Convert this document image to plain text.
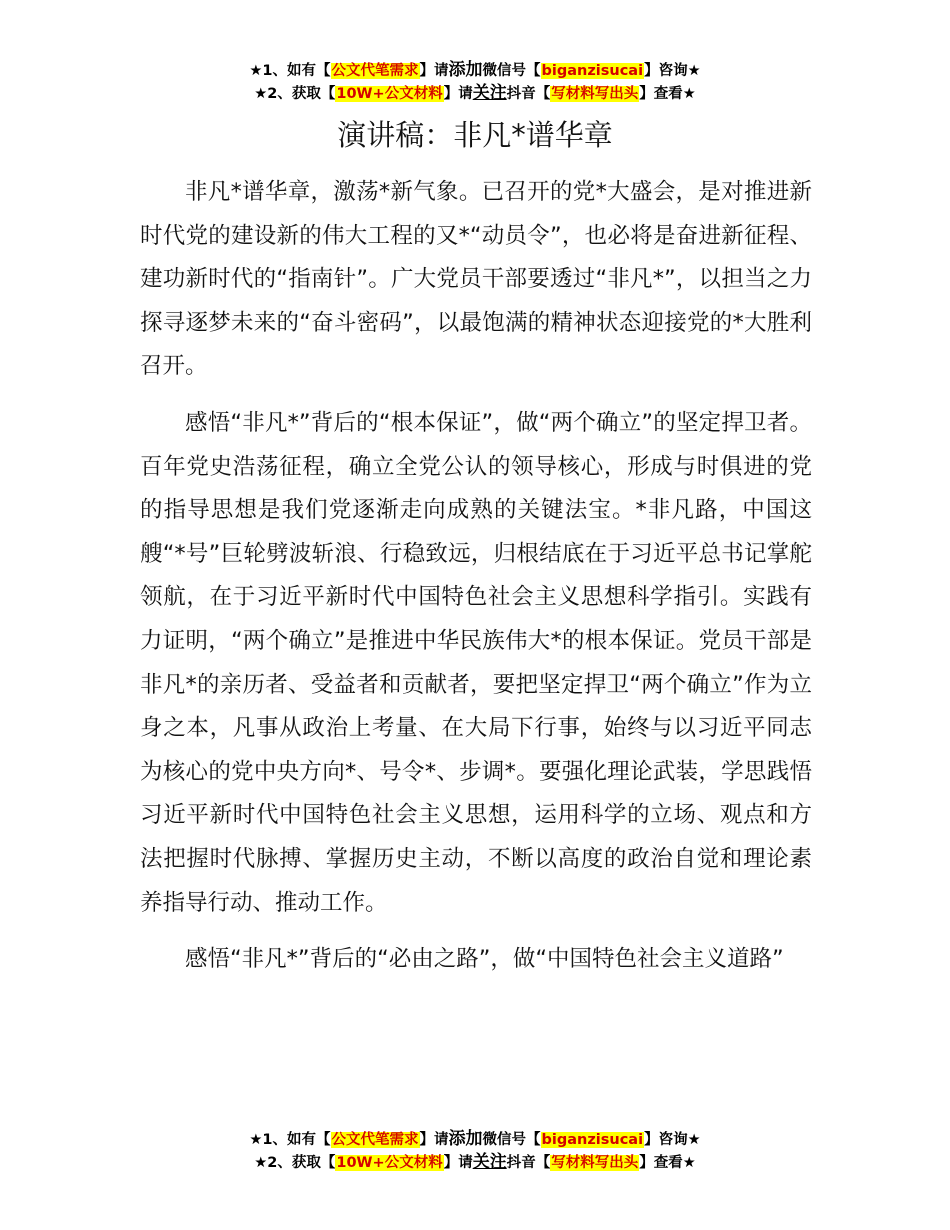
★1、如有【公文代笔需求】请添加微信号【biganzisucai】咨询★
★2、获取【10W+公文材料】请关注抖音【写材料写出头】查看★
演讲稿：非凡*谱华章

非凡*谱华章，激荡*新气象。已召开的党*大盛会，是对推进新时代党的建设新的伟大工程的又*“动员令”，也必将是奋进新征程、建功新时代的“指南针”。广大党员干部要透过“非凡*”，以担当之力探寻逐梦未来的“奋斗密码”，以最饱满的精神状态迎接党的*大胜利召开。

感悟“非凡*”背后的“根本保证”，做“两个确立”的坚定捍卫者。百年党史浩荡征程，确立全党公认的领导核心，形成与时俱进的党的指导思想是我们党逐渐走向成熟的关键法宝。*非凡路，中国这艘“*号”巨轮劈波斩浪、行稳致远，归根结底在于习近平总书记掌舵领航，在于习近平新时代中国特色社会主义思想科学指引。实践有力证明，“两个确立”是推进中华民族伟大*的根本保证。党员干部是非凡*的亲历者、受益者和贡献者，要把坚定捍卫“两个确立”作为立身之本，凡事从政治上考量、在大局下行事，始终与以习近平同志为核心的党中央方向*、号令*、步调*。要强化理论武装，学思践悟习近平新时代中国特色社会主义思想，运用科学的立场、观点和方法把握时代脉搏、掌握历史主动，不断以高度的政治自觉和理论素养指导行动、推动工作。

感悟“非凡*”背后的“必由之路”，做“中国特色社会主义道路”

★1、如有【公文代笔需求】请添加微信号【biganzisucai】咨询★
★2、获取【10W+公文材料】请关注抖音【写材料写出头】查看★
